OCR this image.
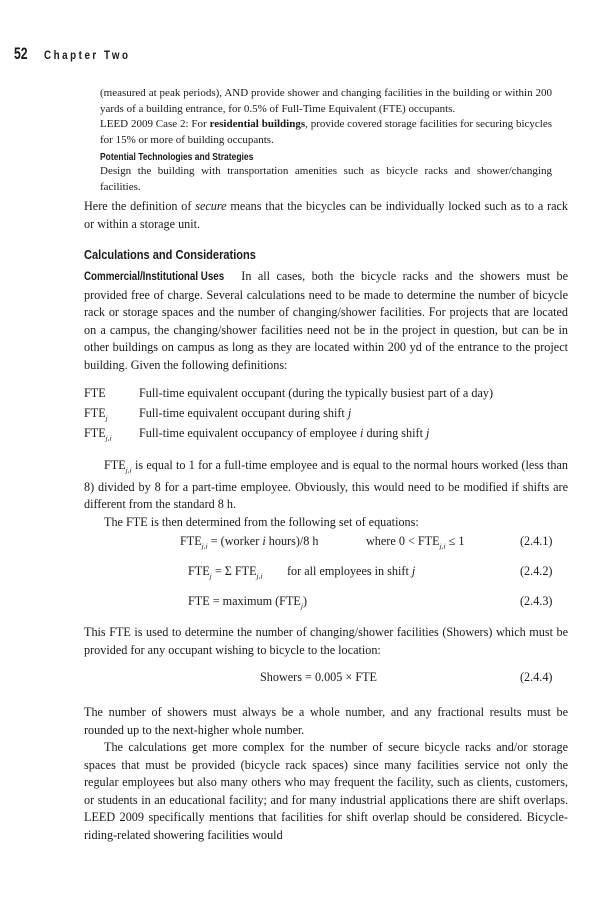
52	Chapter Two

(measured at peak periods), AND provide shower and changing facilities in the building or within 200 yards of a building entrance, for 0.5% of Full-Time Equivalent (FTE) occupants.

LEED 2009 Case 2: For residential buildings, provide covered storage facilities for securing bicycles for 15% or more of building occupants.

Potential Technologies and Strategies

Design the building with transportation amenities such as bicycle racks and shower/changing facilities.

Here the definition of secure means that the bicycles can be individually locked such as to a rack or within a storage unit.

Calculations and Considerations

Commercial/Institutional Uses In all cases, both the bicycle racks and the showers must be provided free of charge. Several calculations need to be made to determine the number of bicycle rack or storage spaces and the number of changing/shower facilities. For projects that are located on a campus, the changing/shower facilities need not be in the project in question, but can be in other buildings on campus as long as they are located within 200 yd of the entrance to the project building. Given the following definitions:

FTE	Full-time equivalent occupant (during the typically busiest part of a day)
$FTE_j$	Full-time equivalent occupant during shift j
$FTE_{j,i}$	Full-time equivalent occupancy of employee i during shift j

$FTE_{j,i}$ is equal to 1 for a full-time employee and is equal to the normal hours worked (less than 8) divided by 8 for a part-time employee. Obviously, this would need to be modified if shifts are different from the standard 8 h.

The FTE is then determined from the following set of equations:

$FTE_{j,i}$ = (worker i hours)/8 h	where $0 < FTE_{j,i} \le 1$	(2.4.1)
$FTE_j = \Sigma$ $FTE_{j,i}$ for all employees in shift j	(2.4.2)
FTE = maximum $(FTE_j)$	(2.4.3)

This FTE is used to determine the number of changing/shower facilities (Showers) which must be provided for any occupant wishing to bicycle to the location:

Showers = 0.005 × FTE	(2.4.4)

The number of showers must always be a whole number, and any fractional results must be rounded up to the next-higher whole number.

The calculations get more complex for the number of secure bicycle racks and/or storage spaces that must be provided (bicycle rack spaces) since many facilities service not only the regular employees but also many others who may frequent the facility, such as clients, customers, or students in an educational facility; and for many industrial applications there are shift overlaps. LEED 2009 specifically mentions that facilities for shift overlap should be considered. Bicycle-riding-related showering facilities would
